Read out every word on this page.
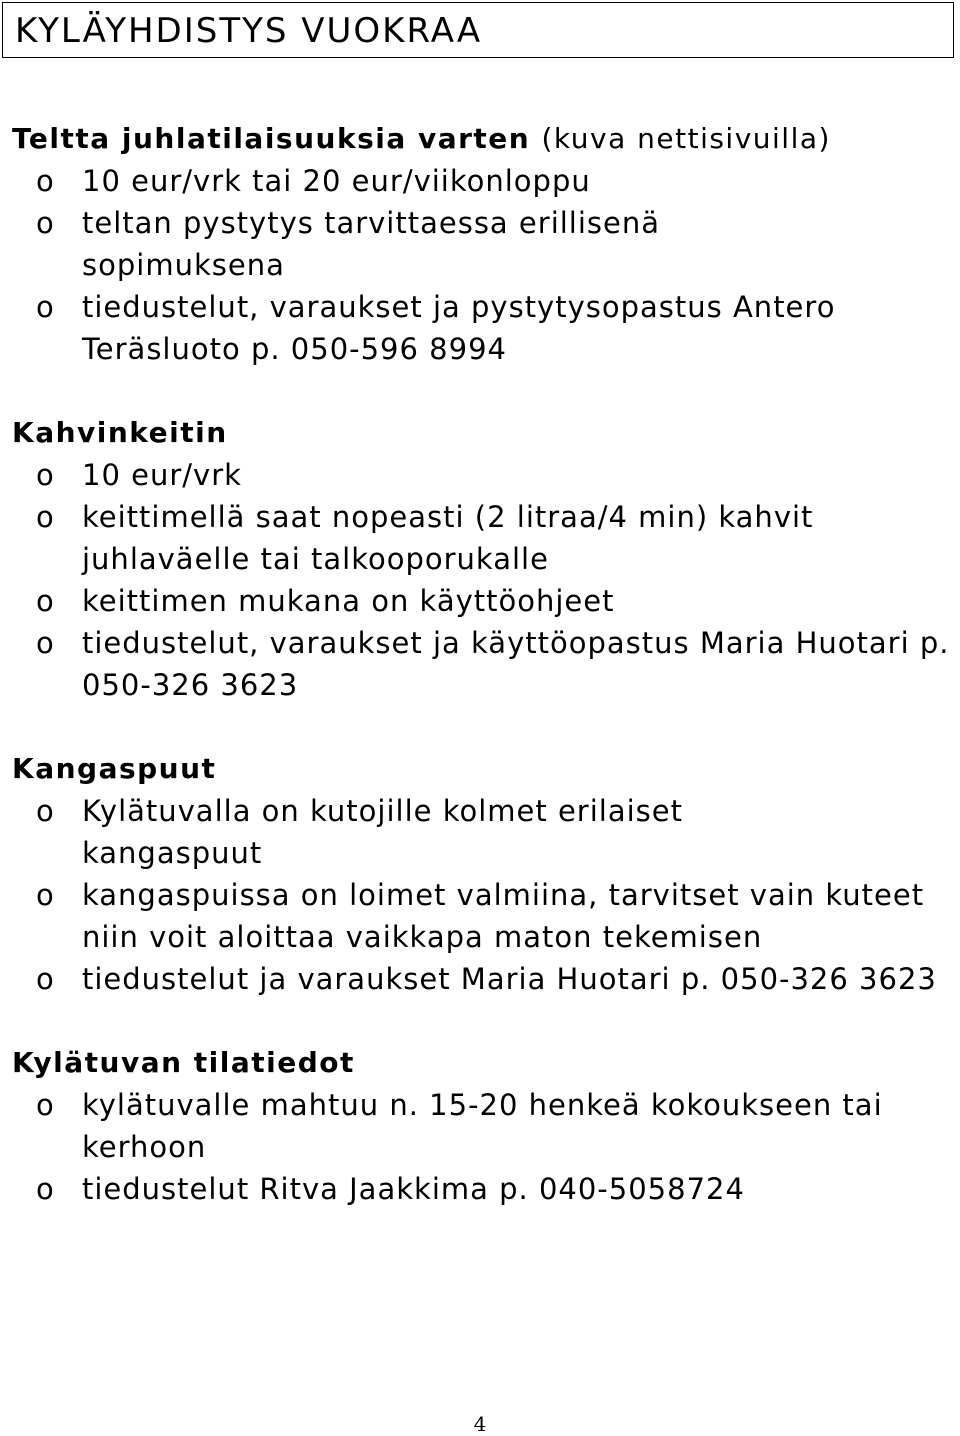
KYLÄYHDISTYS VUOKRAA
Teltta juhlatilaisuuksia varten (kuva nettisivuilla)
o 10 eur/vrk tai 20 eur/viikonloppu
o teltan pystytys tarvittaessa erillisenä sopimuksena
o tiedustelut, varaukset ja pystytysopastus Antero Teräsluoto p. 050-596 8994
Kahvinkeitin
o 10 eur/vrk
o keittimellä saat nopeasti (2 litraa/4 min) kahvit juhlaväelle tai talkooporukalle
o keittimen mukana on käyttöohjeet
o tiedustelut, varaukset ja käyttöopastus Maria Huotari p. 050-326 3623
Kangaspuut
o Kylätuvalla on kutojille kolmet erilaiset kangaspuut
o kangaspuissa on loimet valmiina, tarvitset vain kuteet niin voit aloittaa vaikkapa maton tekemisen
o tiedustelut ja varaukset Maria Huotari p. 050-326 3623
Kylätuvan tilatiedot
o kylätuvalle mahtuu n. 15-20 henkeä kokoukseen tai kerhoon
o tiedustelut Ritva Jaakkima p. 040-5058724
4
